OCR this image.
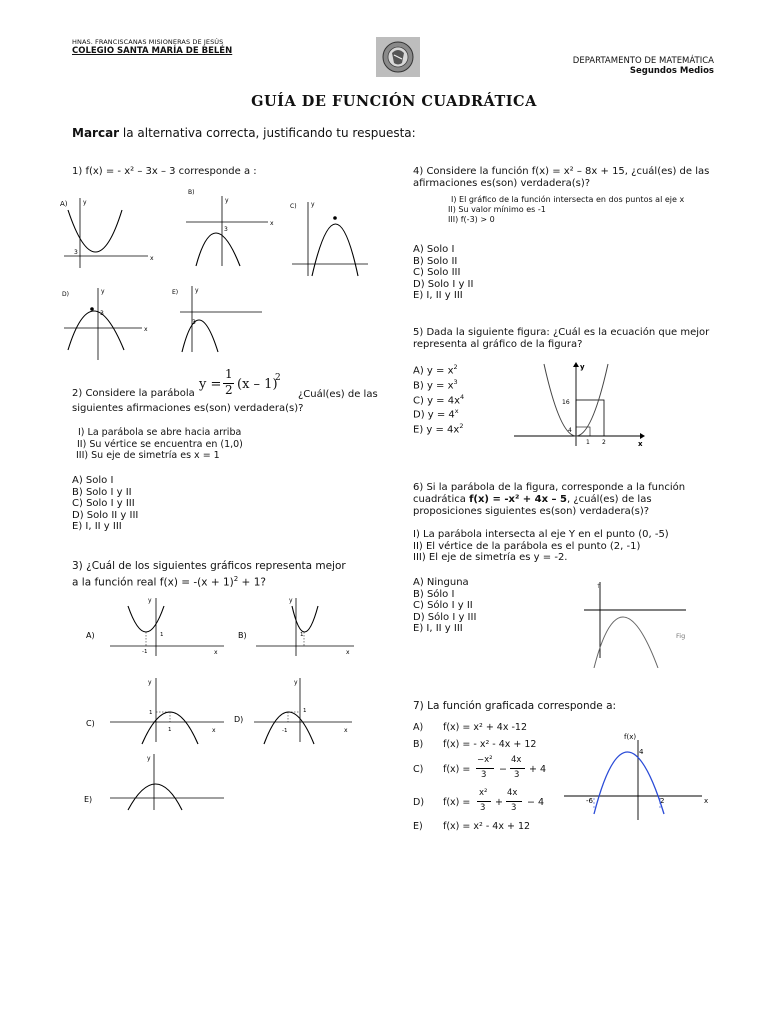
HNAS. FRANCISCANAS MISIONERAS DE JESÚS
COLEGIO SANTA MARÍA DE BELÉN
DEPARTAMENTO DE MATEMÁTICA
Segundos Medios
GUÍA DE FUNCIÓN CUADRÁTICA
Marcar la alternativa correcta, justificando tu respuesta:
1) f(x) = - x² – 3x – 3 corresponde a :
A)
x
y
3
B)
x
y
3
C) y
D)
x
y
3
E)	y
3
2) Considere la parábola
y =
1
2 (x – 1)
2
¿Cuál(es) de las
siguientes afirmaciones es(son) verdadera(s)?
I) La parábola se abre hacia arriba
II) Su vértice se encuentra en (1,0)
III) Su eje de simetría es x = 1
A) Solo I
B) Solo I y II
C) Solo I y III
D) Solo II y III
E) I, II y III
3) ¿Cuál de los siguientes gráficos representa mejor
a la función real $f(x) = -(x + 1)^2 + 1$?
A)
y
x
-1
1	B)
y
x
1
C)
y
x
1
1
D)
y
x
-1
1
E)
y
4) Considere la función f(x) = x² – 8x + 15, ¿cuál(es) de las
afirmaciones es(son) verdadera(s)?
I) El gráfico de la función intersecta en dos puntos al eje x
II) Su valor mínimo es -1
III) f(-3) > 0
A) Solo I
B) Solo II
C) Solo III
D) Solo I y II
E) I, II y III
5) Dada la siguiente figura: ¿Cuál es la ecuación que mejor
representa al gráfico de la figura?
A) $y = x^2$
B) $y = x^3$
C) $y = 4x^4$
D) $y = 4^x$
E) $y = 4x^2$
y
x
16
4
1 2
6) Si la parábola de la figura, corresponde a la función
cuadrática f(x) = -x² + 4x – 5, ¿cuál(es) de las
proposiciones siguientes es(son) verdadera(s)?
I) La parábola intersecta al eje Y en el punto (0, -5)
II) El vértice de la parábola es el punto (2, -1)
III) El eje de simetría es y = -2.
A) Ninguna
B) Sólo I
C) Sólo I y II
D) Sólo I y III
E) I, II y III
↑
Fig
7) La función graficada corresponde a:
A) f(x) = x² + 4x -12
B) f(x) = - x² - 4x + 12
C) f(x) =
−x²
3 −
4x
3 + 4
D) f(x) =
x²
3 +
4x
3 − 4
E) f(x) = x² - 4x + 12
f(x)
4
-6	2	x
